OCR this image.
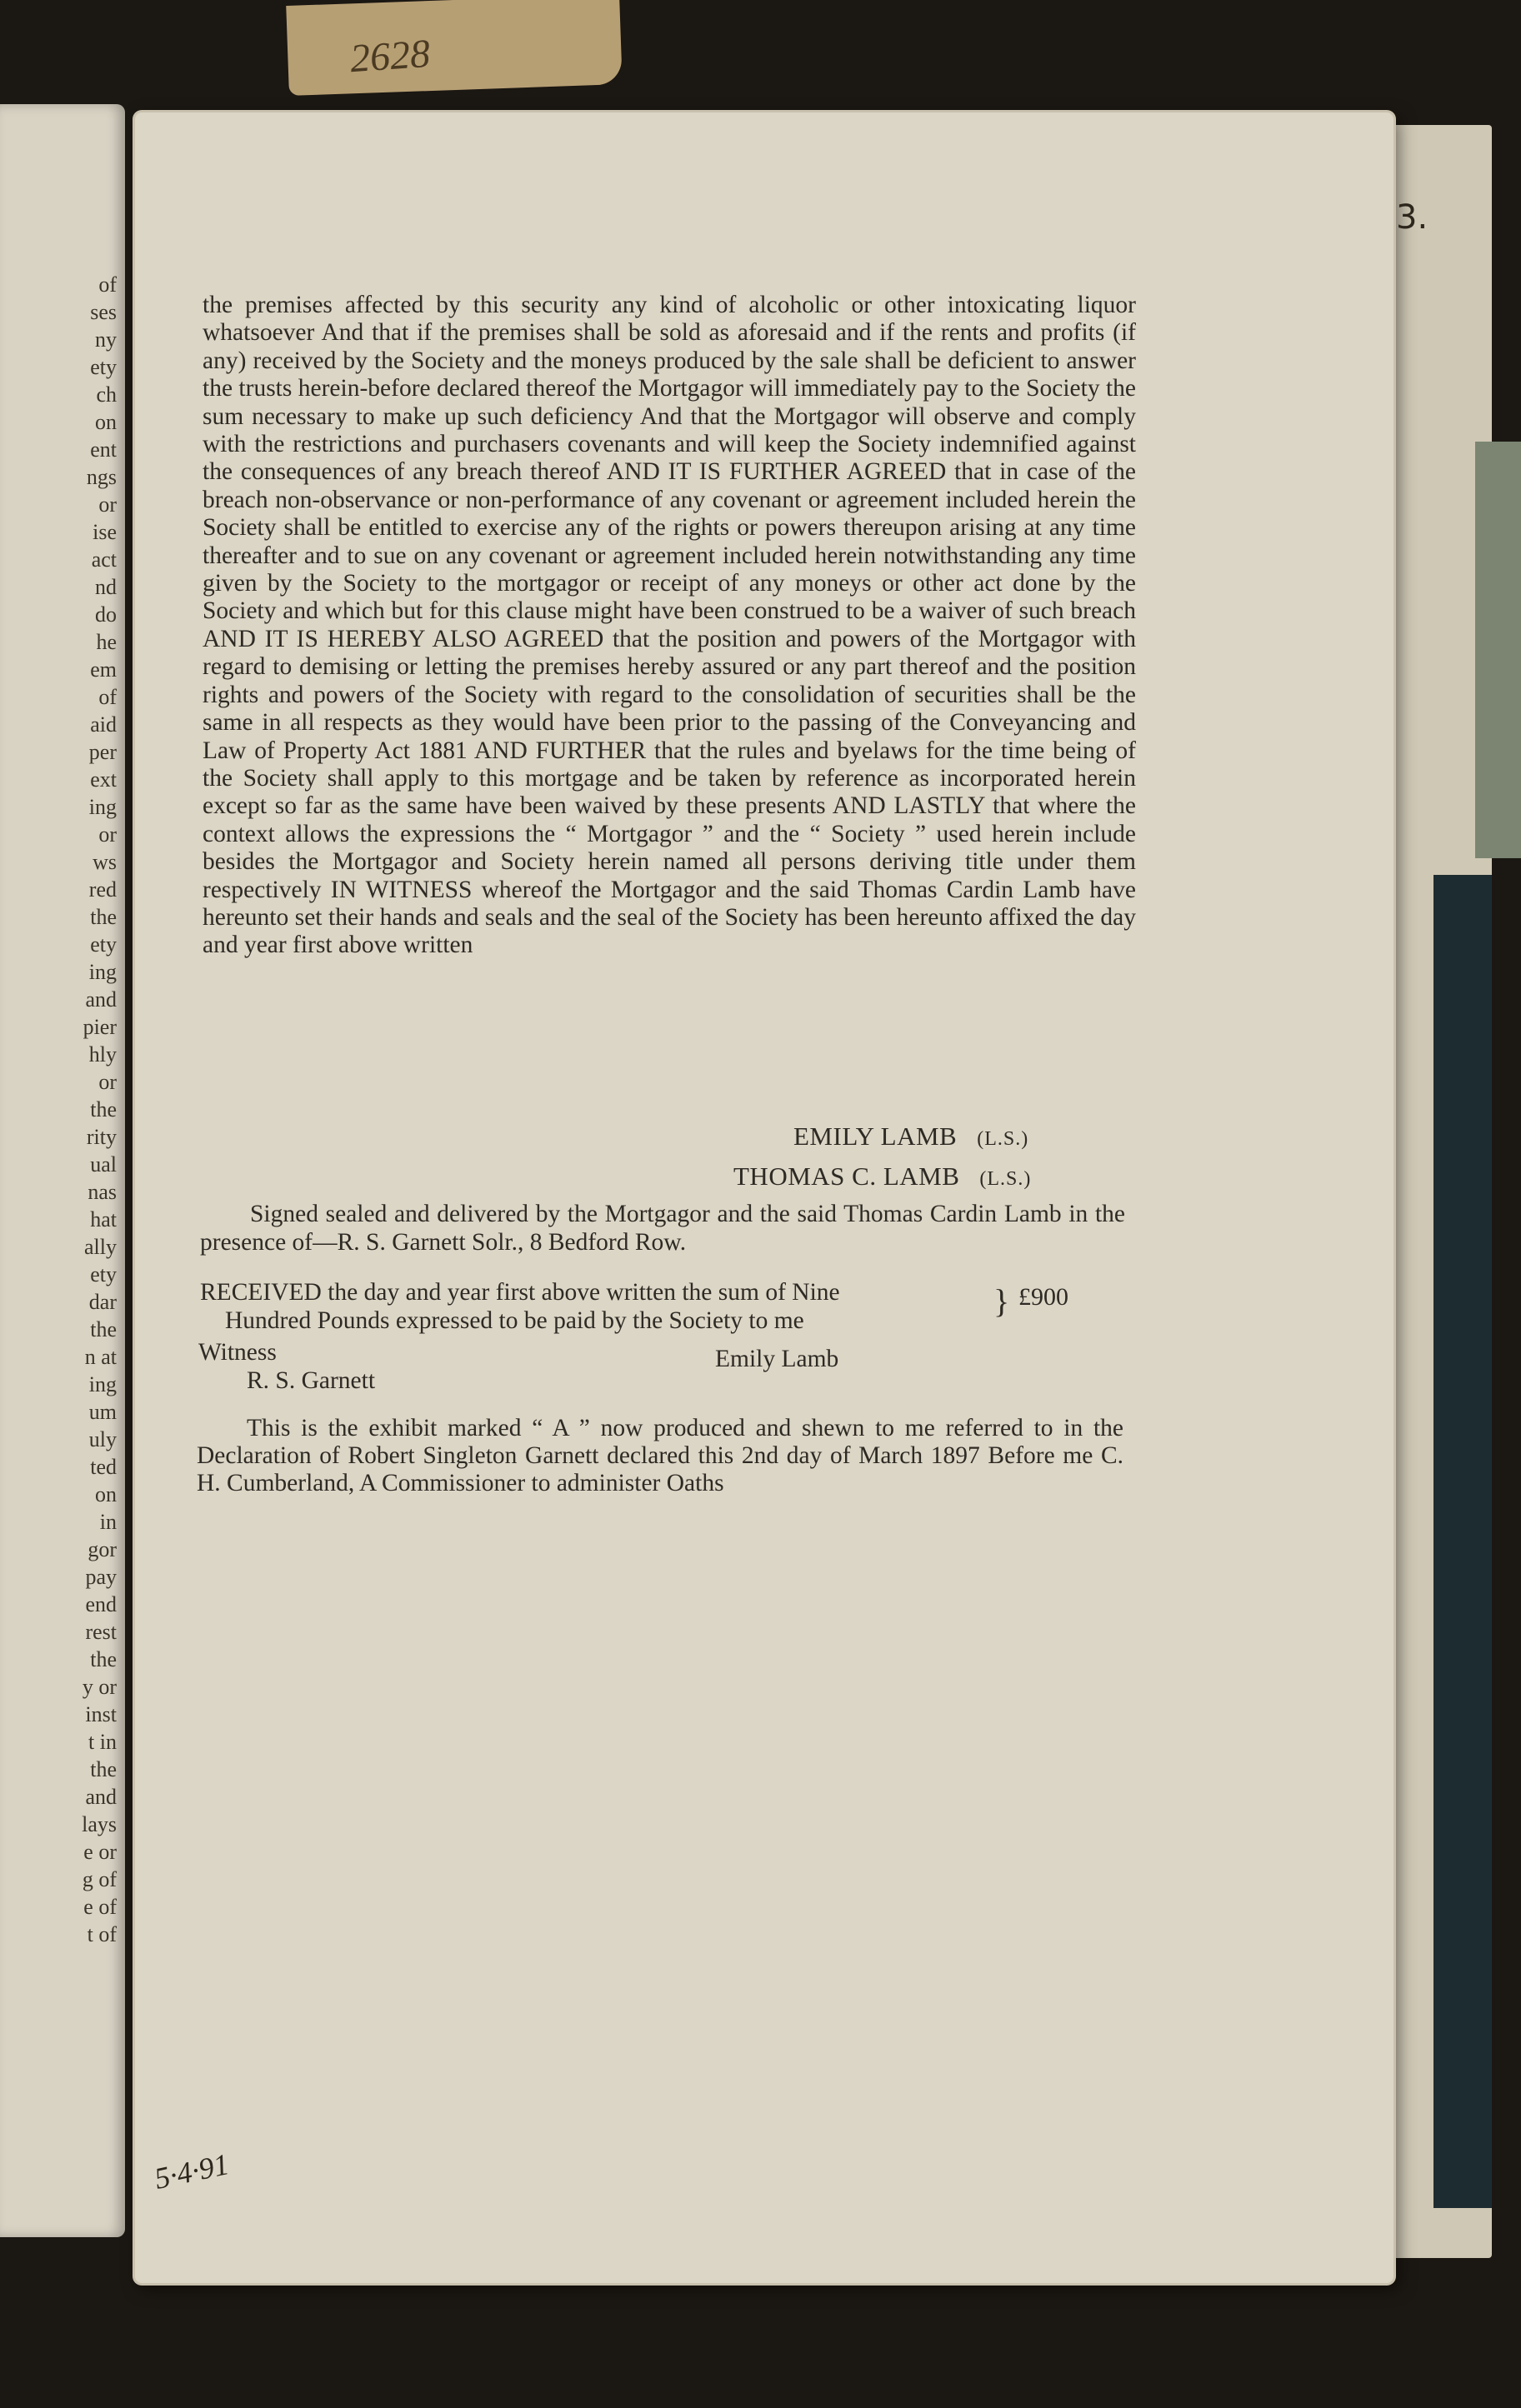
2628
of
ses
ny
ety
ch
on
ent
ngs
or
ise
act
nd
do
he
em
of
aid
per
ext
ing
or
ws
red
the
ety
ing
and
pier
hly
or
the
rity
ual
nas
hat
ally
ety
dar
the
n at
ing
um
uly
ted
on
in
gor
pay
end
rest
the
y or
inst
t in
the
and
lays
e or
g of
e of
t of
3.

the premises affected by this security any kind of alcoholic or other intoxicating liquor whatsoever And that if the premises shall be sold as aforesaid and if the rents and profits (if any) received by the Society and the moneys produced by the sale shall be deficient to answer the trusts herein-before declared thereof the Mortgagor will immediately pay to the Society the sum necessary to make up such deficiency And that the Mortgagor will observe and comply with the restrictions and purchasers covenants and will keep the Society indemnified against the consequences of any breach thereof AND IT IS FURTHER AGREED that in case of the breach non-observance or non-performance of any covenant or agreement included herein the Society shall be entitled to exercise any of the rights or powers thereupon arising at any time thereafter and to sue on any covenant or agreement included herein notwithstanding any time given by the Society to the mortgagor or receipt of any moneys or other act done by the Society and which but for this clause might have been construed to be a waiver of such breach AND IT IS HEREBY ALSO AGREED that the position and powers of the Mortgagor with regard to demising or letting the premises hereby assured or any part thereof and the position rights and powers of the Society with regard to the consolidation of securities shall be the same in all respects as they would have been prior to the passing of the Conveyancing and Law of Property Act 1881 AND FURTHER that the rules and byelaws for the time being of the Society shall apply to this mortgage and be taken by reference as incorporated herein except so far as the same have been waived by these presents AND LASTLY that where the context allows the expressions the “ Mortgagor ” and the “ Society ” used herein include besides the Mortgagor and Society herein named all persons deriving title under them respectively IN WITNESS whereof the Mortgagor and the said Thomas Cardin Lamb have hereunto set their hands and seals and the seal of the Society has been hereunto affixed the day and year first above written

EMILY LAMB (L.S.)
THOMAS C. LAMB (L.S.)

Signed sealed and delivered by the Mortgagor and the said Thomas Cardin Lamb in the presence of—R. S. Garnett Solr., 8 Bedford Row.

RECEIVED the day and year first above written the sum of Nine
Hundred Pounds expressed to be paid by the Society to me
} £900
Witness	Emily Lamb
R. S. Garnett

This is the exhibit marked “ A ” now produced and shewn to me referred to in the Declaration of Robert Singleton Garnett declared this 2nd day of March 1897 Before me C. H. Cumberland, A Commissioner to administer Oaths

5·4·91
